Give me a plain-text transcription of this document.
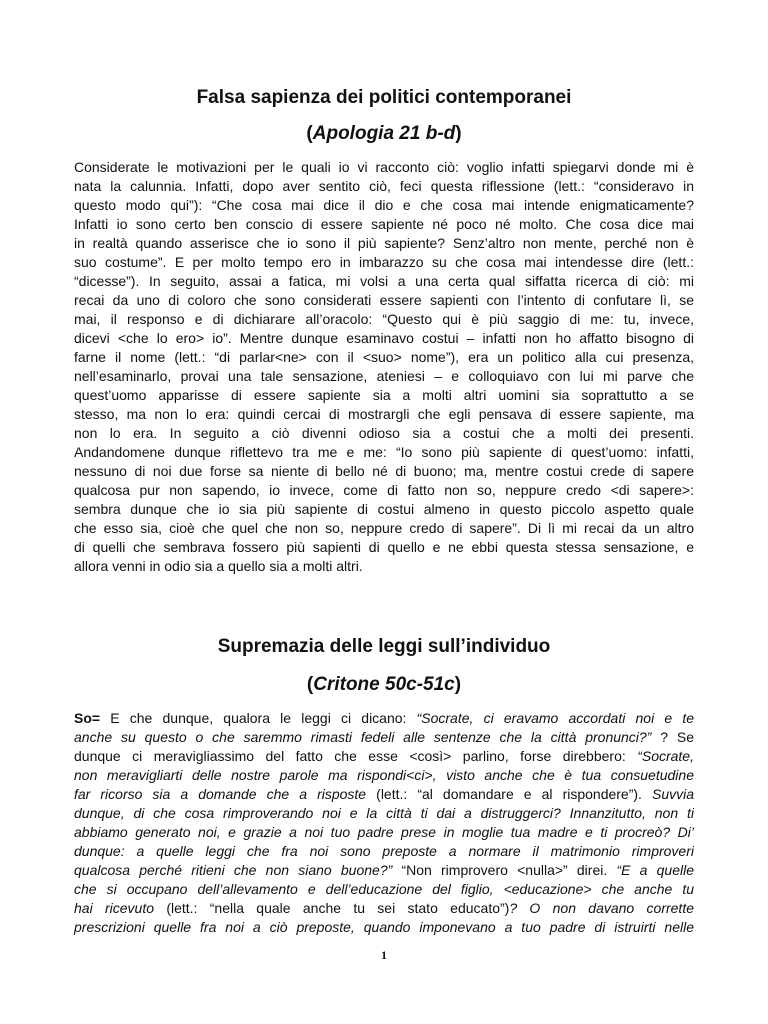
Falsa sapienza dei politici contemporanei
(Apologia 21 b-d)
Considerate le motivazioni per le quali io vi racconto ciò: voglio infatti spiegarvi donde mi è
nata la calunnia. Infatti, dopo aver sentito ciò, feci questa riflessione (lett.: “consideravo in
questo modo qui”): “Che cosa mai dice il dio e che cosa mai intende enigmaticamente?
Infatti io sono certo ben conscio di essere sapiente né poco né molto. Che cosa dice mai
in realtà quando asserisce che io sono il più sapiente? Senz’altro non mente, perché non è
suo costume”. E per molto tempo ero in imbarazzo su che cosa mai intendesse dire (lett.:
“dicesse”). In seguito, assai a fatica, mi volsi a una certa qual siffatta ricerca di ciò: mi
recai da uno di coloro che sono considerati essere sapienti con l’intento di confutare lì, se
mai, il responso e di dichiarare all’oracolo: “Questo qui è più saggio di me: tu, invece,
dicevi <che lo ero> io”. Mentre dunque esaminavo costui – infatti non ho affatto bisogno di
farne il nome (lett.: “di parlar<ne> con il <suo> nome”), era un politico alla cui presenza,
nell’esaminarlo, provai una tale sensazione, ateniesi – e colloquiavo con lui mi parve che
quest’uomo apparisse di essere sapiente sia a molti altri uomini sia soprattutto a se
stesso, ma non lo era: quindi cercai di mostrargli che egli pensava di essere sapiente, ma
non lo era. In seguito a ciò divenni odioso sia a costui che a molti dei presenti.
Andandomene dunque riflettevo tra me e me: “Io sono più sapiente di quest’uomo: infatti,
nessuno di noi due forse sa niente di bello né di buono; ma, mentre costui crede di sapere
qualcosa pur non sapendo, io invece, come di fatto non so, neppure credo <di sapere>:
sembra dunque che io sia più sapiente di costui almeno in questo piccolo aspetto quale
che esso sia, cioè che quel che non so, neppure credo di sapere”. Di lì mi recai da un altro
di quelli che sembrava fossero più sapienti di quello e ne ebbi questa stessa sensazione, e
allora venni in odio sia a quello sia a molti altri.
Supremazia delle leggi sull’individuo
(Critone 50c-51c)
So= E che dunque, qualora le leggi ci dicano: “Socrate, ci eravamo accordati noi e te
anche su questo o che saremmo rimasti fedeli alle sentenze che la città pronunci?” ? Se
dunque ci meravigliassimo del fatto che esse <così> parlino, forse direbbero: “Socrate,
non meravigliarti delle nostre parole ma rispondi<ci>, visto anche che è tua consuetudine
far ricorso sia a domande che a risposte (lett.: “al domandare e al rispondere”). Suvvia
dunque, di che cosa rimproverando noi e la città ti dai a distruggerci? Innanzitutto, non ti
abbiamo generato noi, e grazie a noi tuo padre prese in moglie tua madre e ti procreò? Di’
dunque: a quelle leggi che fra noi sono preposte a normare il matrimonio rimproveri
qualcosa perché ritieni che non siano buone?” “Non rimprovero <nulla>” direi. “E a quelle
che si occupano dell’allevamento e dell’educazione del figlio, <educazione> che anche tu
hai ricevuto (lett.: “nella quale anche tu sei stato educato”)? O non davano corrette
prescrizioni quelle fra noi a ciò preposte, quando imponevano a tuo padre di istruirti nelle
1
